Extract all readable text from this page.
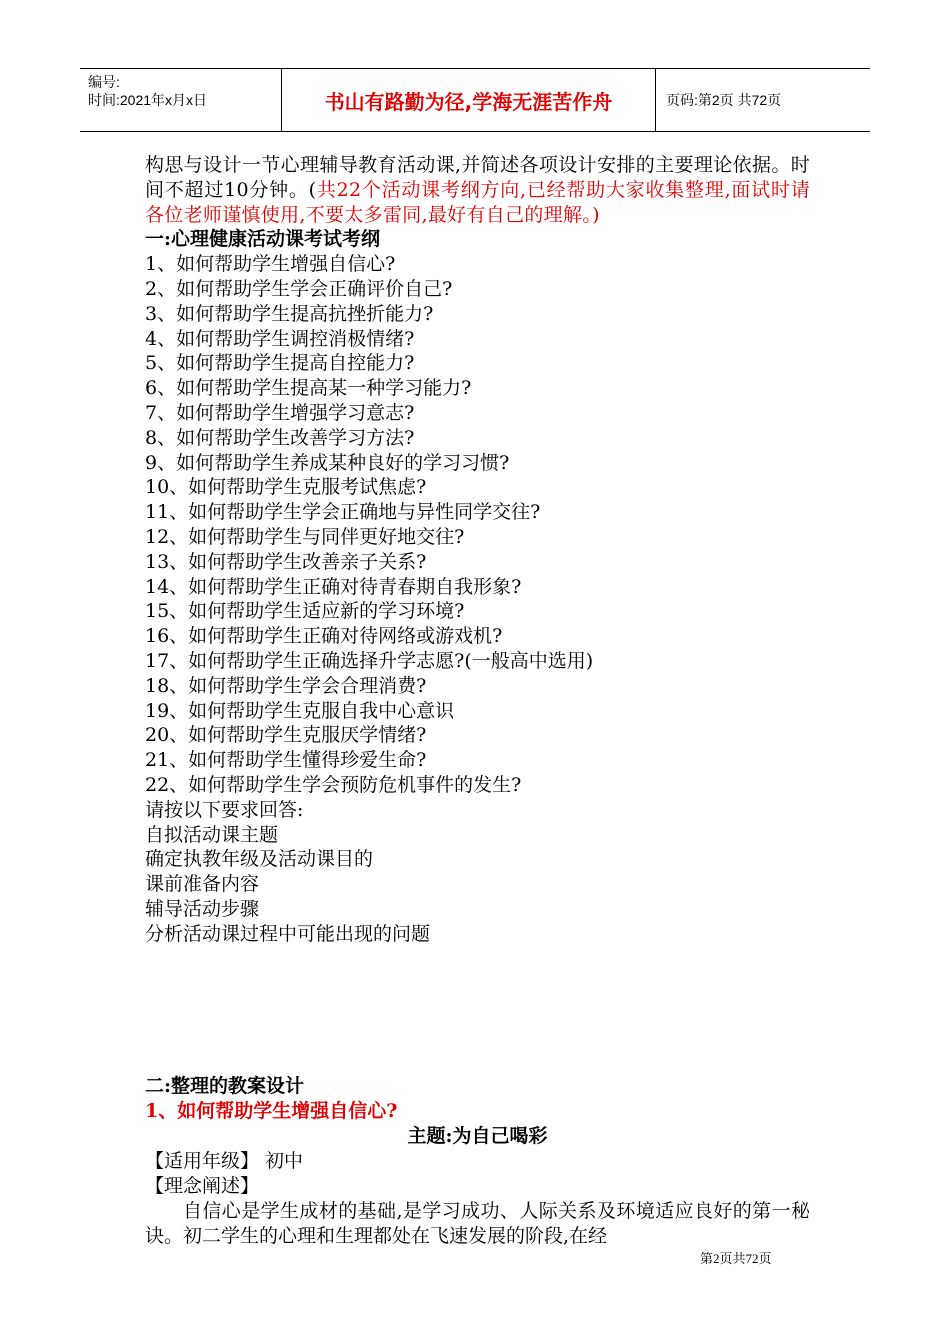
编号:
时间:2021年x月x日	书山有路勤为径,学海无涯苦作舟	页码:第2页 共72页

构思与设计一节心理辅导教育活动课,并简述各项设计安排的主要理论依据。时间不超过10分钟。(共22个活动课考纲方向,已经帮助大家收集整理,面试时请各位老师谨慎使用,不要太多雷同,最好有自己的理解。)

一:心理健康活动课考试考纲

1、如何帮助学生增强自信心?

2、如何帮助学生学会正确评价自己?

3、如何帮助学生提高抗挫折能力?

4、如何帮助学生调控消极情绪?

5、如何帮助学生提高自控能力?

6、如何帮助学生提高某一种学习能力?

7、如何帮助学生增强学习意志?

8、如何帮助学生改善学习方法?

9、如何帮助学生养成某种良好的学习习惯?

10、如何帮助学生克服考试焦虑?

11、如何帮助学生学会正确地与异性同学交往?

12、如何帮助学生与同伴更好地交往?

13、如何帮助学生改善亲子关系?

14、如何帮助学生正确对待青春期自我形象?

15、如何帮助学生适应新的学习环境?

16、如何帮助学生正确对待网络或游戏机?

17、如何帮助学生正确选择升学志愿?(一般高中选用)

18、如何帮助学生学会合理消费?

19、如何帮助学生克服自我中心意识

20、如何帮助学生克服厌学情绪?

21、如何帮助学生懂得珍爱生命?

22、如何帮助学生学会预防危机事件的发生?

请按以下要求回答:

自拟活动课主题

确定执教年级及活动课目的

课前准备内容

辅导活动步骤

分析活动课过程中可能出现的问题

二:整理的教案设计

1、如何帮助学生增强自信心?

主题:为自己喝彩

【适用年级】 初中

【理念阐述】

自信心是学生成材的基础,是学习成功、人际关系及环境适应良好的第一秘诀。初二学生的心理和生理都处在飞速发展的阶段,在经

第2页共72页
